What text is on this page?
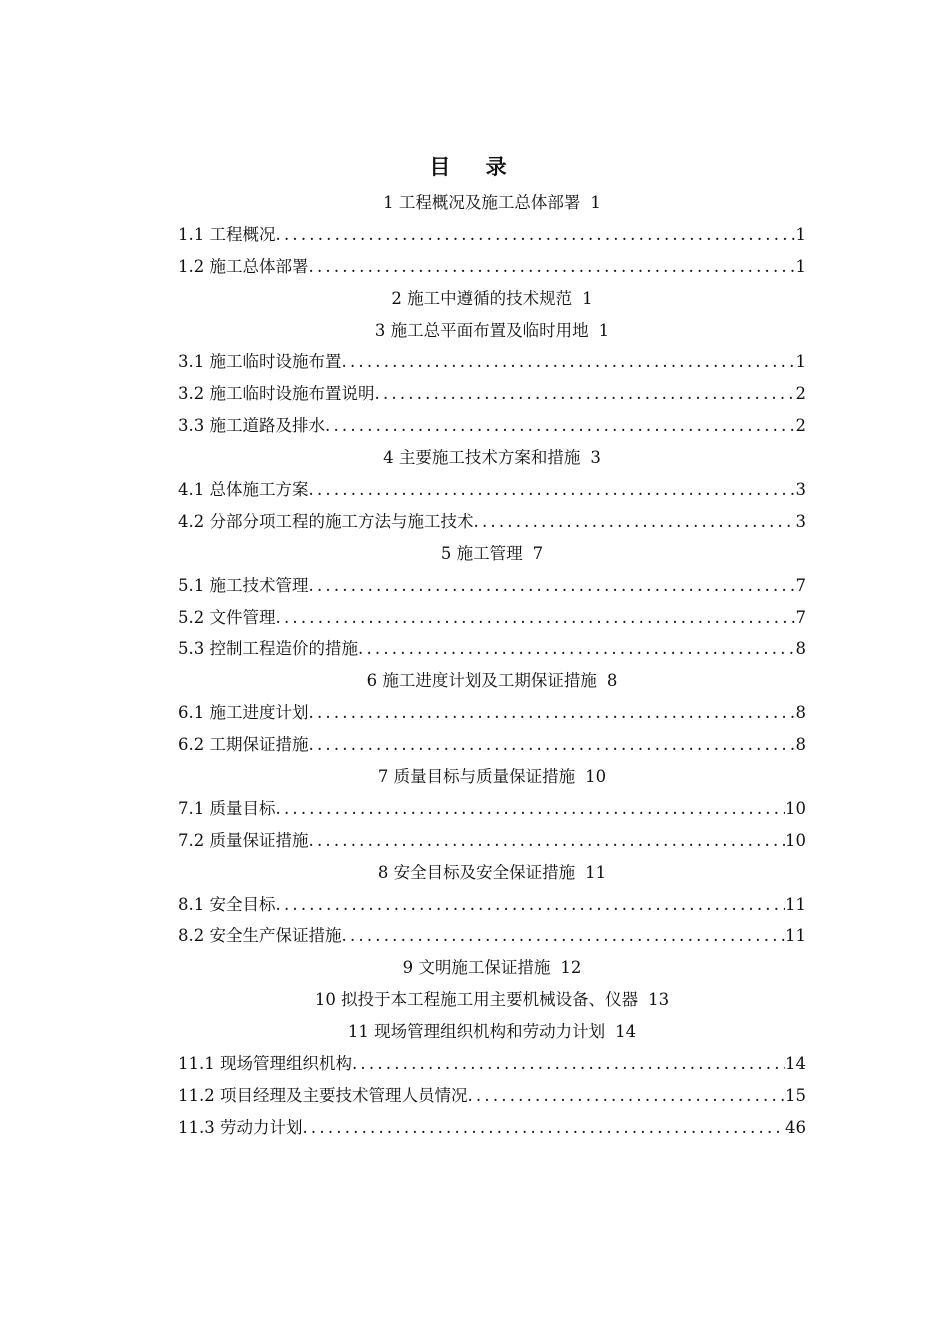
目 录
1 工程概况及施工总体部署 1
1.1 工程概况 .....	1
1.2 施工总体部署 .....	1
2 施工中遵循的技术规范 1
3 施工总平面布置及临时用地 1
3.1 施工临时设施布置 .....	1
3.2 施工临时设施布置说明 .....	2
3.3 施工道路及排水 .....	2
4 主要施工技术方案和措施 3
4.1 总体施工方案 .....	3
4.2 分部分项工程的施工方法与施工技术 .....	3
5 施工管理 7
5.1 施工技术管理 .....	7
5.2 文件管理 .....	7
5.3 控制工程造价的措施 .....	8
6 施工进度计划及工期保证措施 8
6.1 施工进度计划 .....	8
6.2 工期保证措施 .....	8
7 质量目标与质量保证措施 10
7.1 质量目标 .....	10
7.2 质量保证措施 .....	10
8 安全目标及安全保证措施 11
8.1 安全目标 .....	11
8.2 安全生产保证措施 .....	11
9 文明施工保证措施 12
10 拟投于本工程施工用主要机械设备、仪器 13
11 现场管理组织机构和劳动力计划 14
11.1 现场管理组织机构 .....	14
11.2 项目经理及主要技术管理人员情况 .....	15
11.3 劳动力计划 .....	46
